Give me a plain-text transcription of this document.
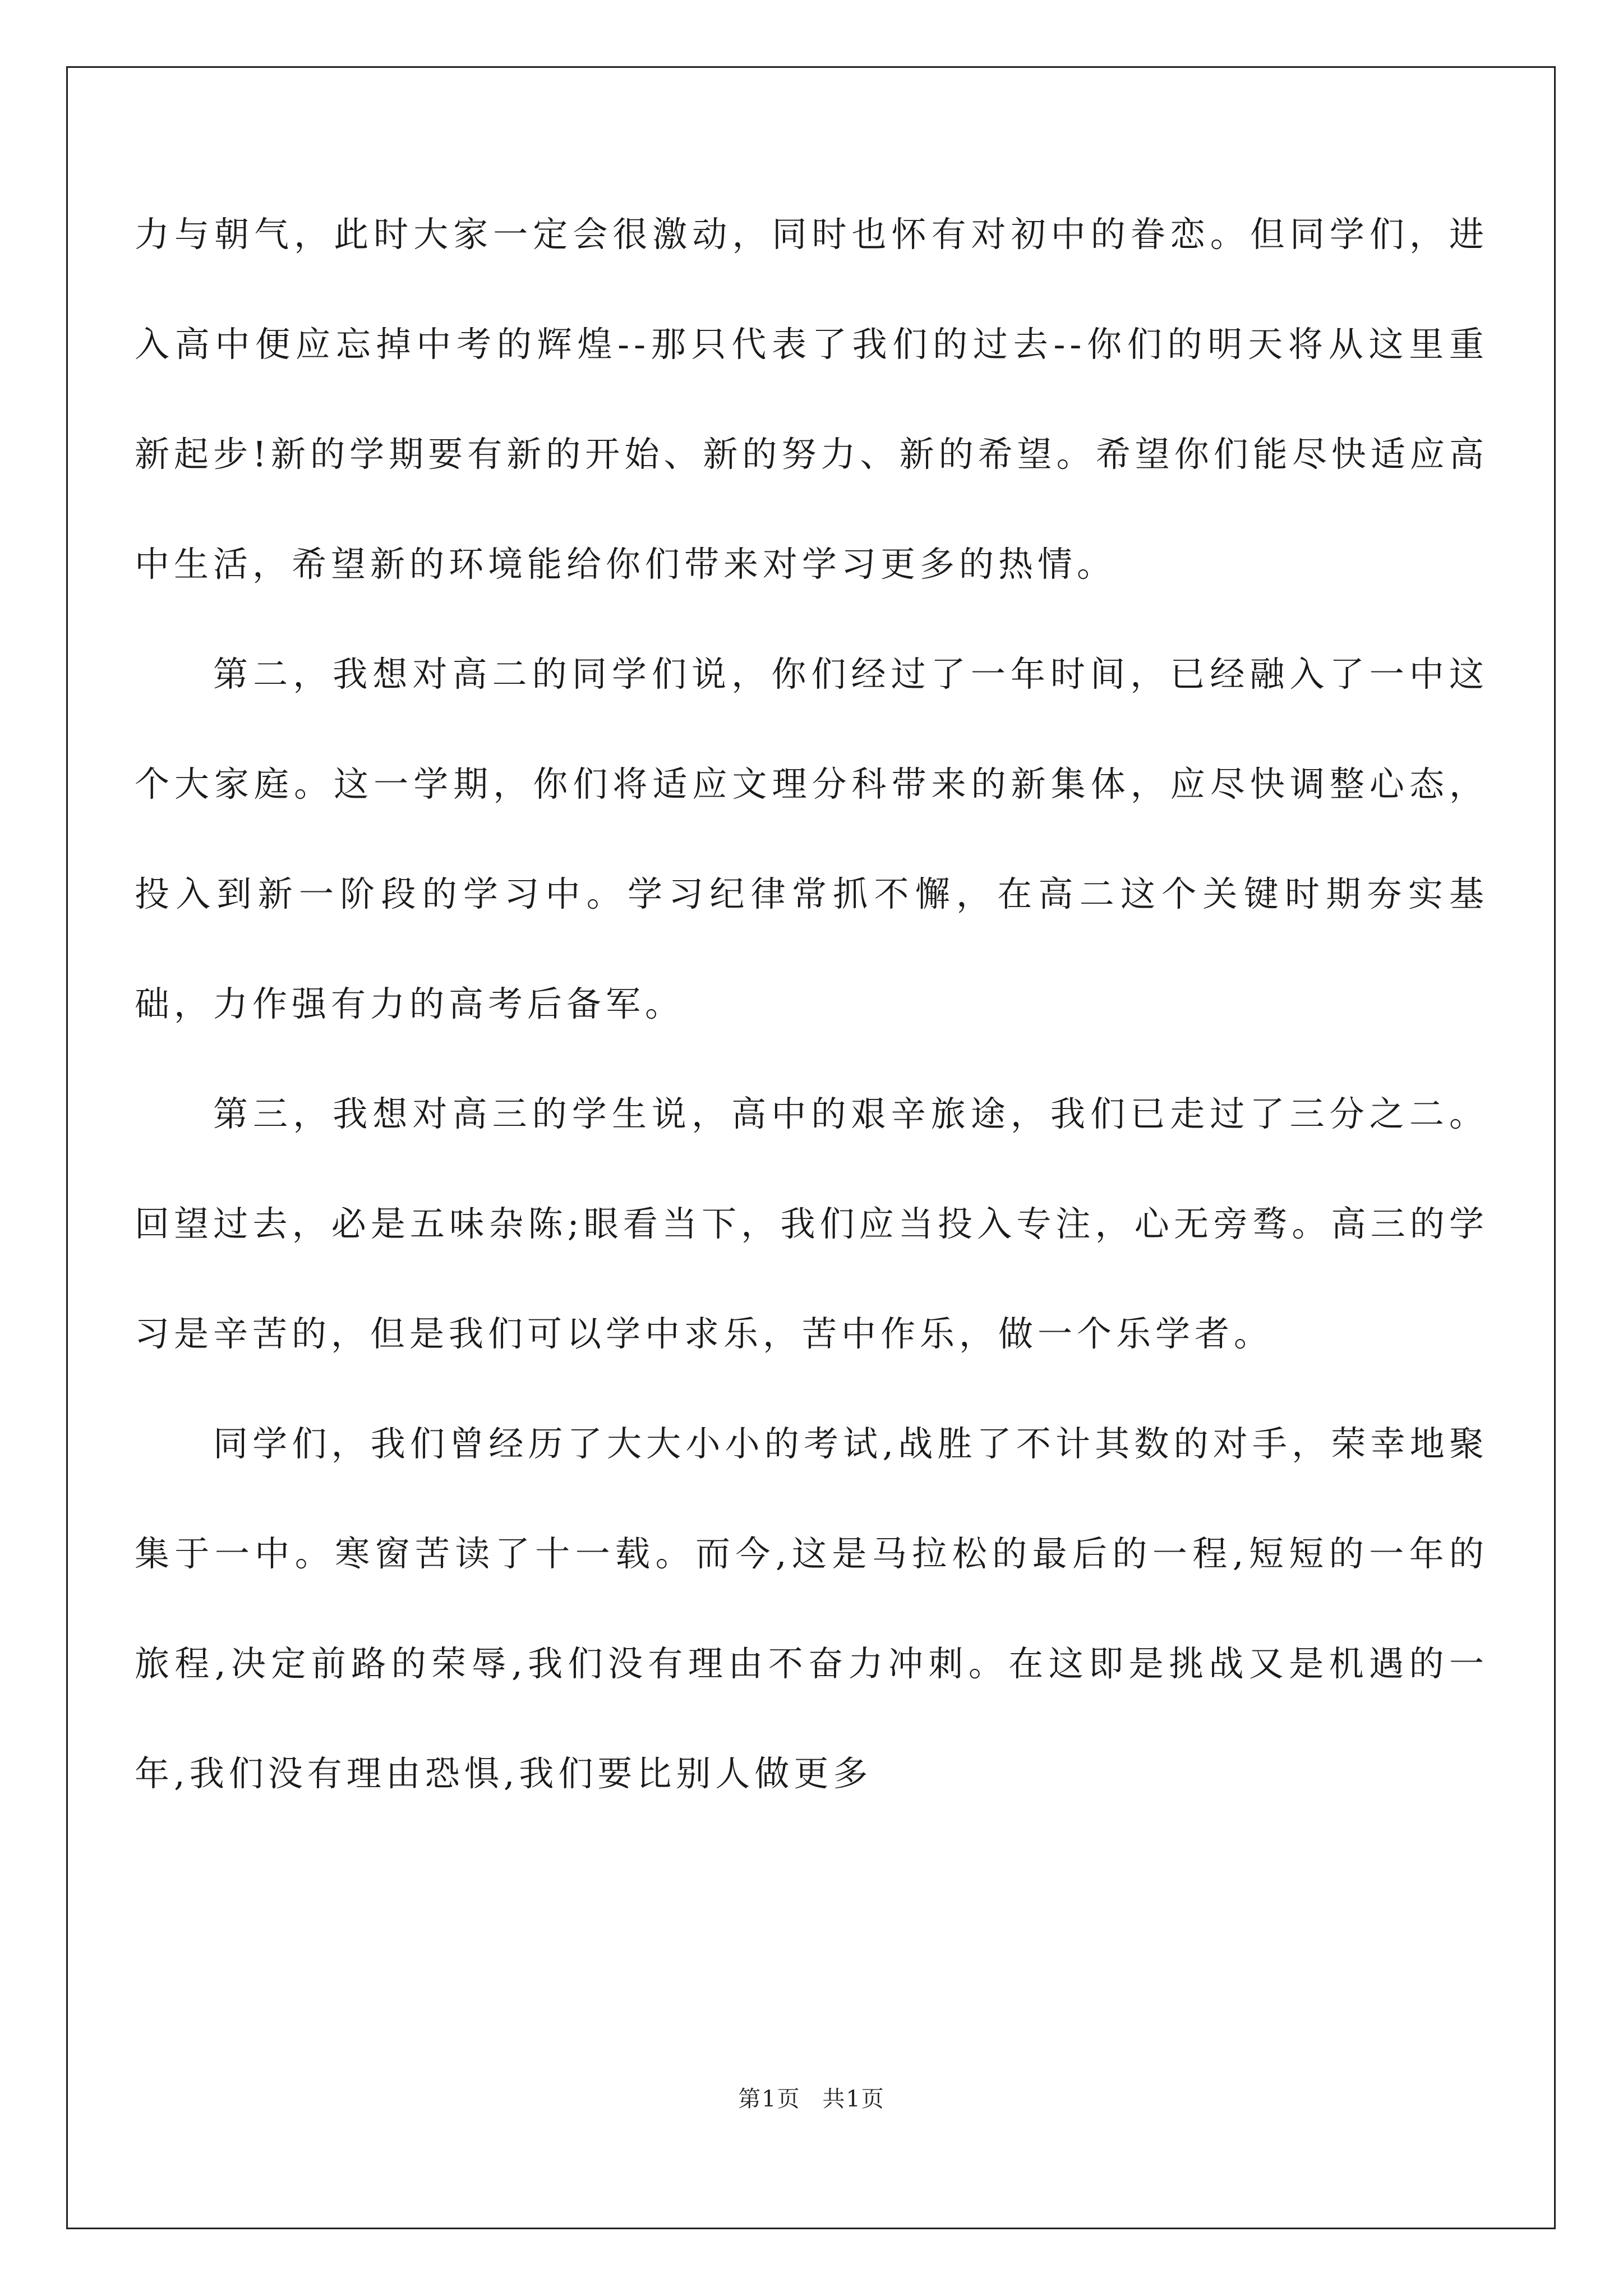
力与朝气，此时大家一定会很激动，同时也怀有对初中的眷恋。但同学们，进入高中便应忘掉中考的辉煌--那只代表了我们的过去--你们的明天将从这里重新起步!新的学期要有新的开始、新的努力、新的希望。希望你们能尽快适应高中生活，希望新的环境能给你们带来对学习更多的热情。

第二，我想对高二的同学们说，你们经过了一年时间，已经融入了一中这个大家庭。这一学期，你们将适应文理分科带来的新集体，应尽快调整心态，投入到新一阶段的学习中。学习纪律常抓不懈，在高二这个关键时期夯实基础，力作强有力的高考后备军。

第三，我想对高三的学生说，高中的艰辛旅途，我们已走过了三分之二。回望过去，必是五味杂陈;眼看当下，我们应当投入专注，心无旁骛。高三的学习是辛苦的，但是我们可以学中求乐，苦中作乐，做一个乐学者。

同学们，我们曾经历了大大小小的考试,战胜了不计其数的对手，荣幸地聚集于一中。寒窗苦读了十一载。而今,这是马拉松的最后的一程,短短的一年的旅程,决定前路的荣辱,我们没有理由不奋力冲刺。在这即是挑战又是机遇的一年,我们没有理由恐惧,我们要比别人做更多

第1页 共1页
